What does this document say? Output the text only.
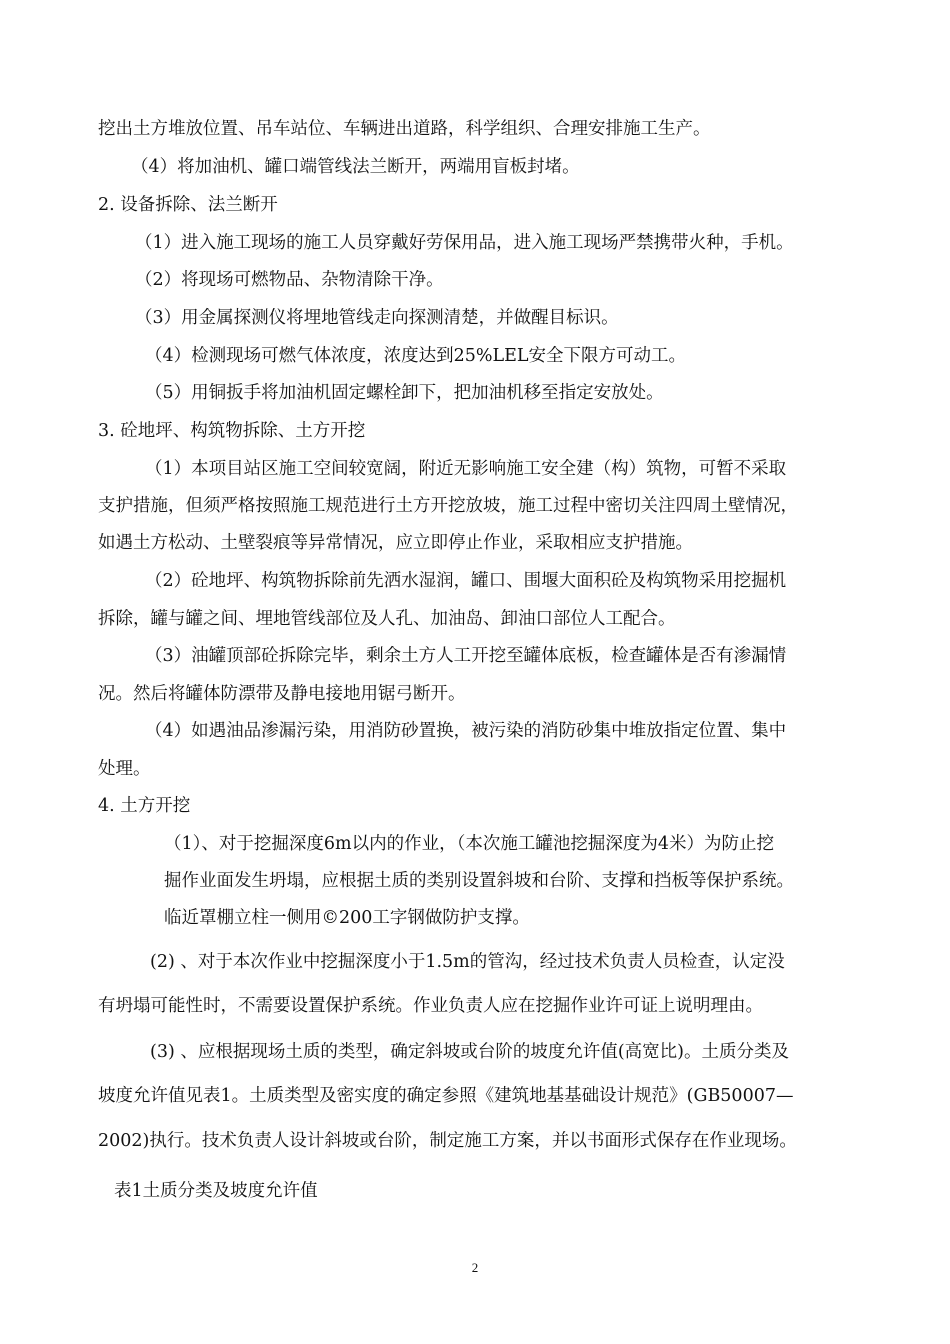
挖出土方堆放位置、吊车站位、车辆进出道路，科学组织、合理安排施工生产。
（4）将加油机、罐口端管线法兰断开，两端用盲板封堵。
2. 设备拆除、法兰断开
（1）进入施工现场的施工人员穿戴好劳保用品，进入施工现场严禁携带火种，手机。
（2）将现场可燃物品、杂物清除干净。
（3）用金属探测仪将埋地管线走向探测清楚，并做醒目标识。
（4）检测现场可燃气体浓度，浓度达到25%LEL安全下限方可动工。
（5）用铜扳手将加油机固定螺栓卸下，把加油机移至指定安放处。
3. 砼地坪、构筑物拆除、土方开挖
（1）本项目站区施工空间较宽阔，附近无影响施工安全建（构）筑物，可暂不采取
支护措施，但须严格按照施工规范进行土方开挖放坡，施工过程中密切关注四周土壁情况，
如遇土方松动、土壁裂痕等异常情况，应立即停止作业，采取相应支护措施。
（2）砼地坪、构筑物拆除前先洒水湿润，罐口、围堰大面积砼及构筑物采用挖掘机
拆除，罐与罐之间、埋地管线部位及人孔、加油岛、卸油口部位人工配合。
（3）油罐顶部砼拆除完毕，剩余土方人工开挖至罐体底板，检查罐体是否有渗漏情
况。然后将罐体防漂带及静电接地用锯弓断开。
（4）如遇油品渗漏污染，用消防砂置换，被污染的消防砂集中堆放指定位置、集中
处理。
4. 土方开挖
（1）、对于挖掘深度6m以内的作业，（本次施工罐池挖掘深度为4米）为防止挖
掘作业面发生坍塌，应根据土质的类别设置斜坡和台阶、支撑和挡板等保护系统。
临近罩棚立柱一侧用©200工字钢做防护支撑。
(2) 、对于本次作业中挖掘深度小于1.5m的管沟，经过技术负责人员检查，认定没
有坍塌可能性时，不需要设置保护系统。作业负责人应在挖掘作业许可证上说明理由。
(3) 、应根据现场土质的类型，确定斜坡或台阶的坡度允许值(高宽比)。土质分类及
坡度允许值见表1。土质类型及密实度的确定参照《建筑地基基础设计规范》(GB50007—
2002)执行。技术负责人设计斜坡或台阶，制定施工方案，并以书面形式保存在作业现场。
表1土质分类及坡度允许值
2
